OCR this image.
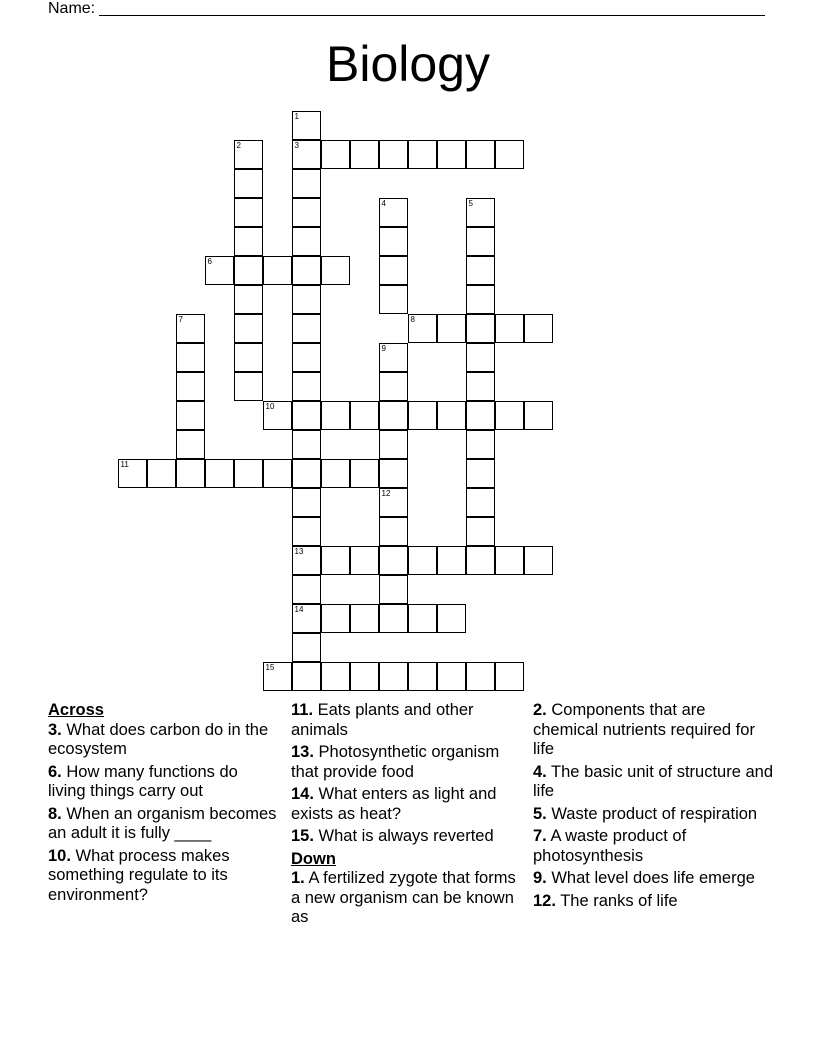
Name:
Biology
1
3
13
14
2
4	5
6
7	8
9
10
11
12
15
Across
3. What does carbon do in the ecosystem
6. How many functions do living things carry out
8. When an organism becomes an adult it is fully ____
10. What process makes something regulate to its environment?
11. Eats plants and other animals
13. Photosynthetic organism that provide food
14. What enters as light and exists as heat?
15. What is always reverted
Down
1. A fertilized zygote that forms a new organism can be known as
2. Components that are chemical nutrients required for life
4. The basic unit of structure and life
5. Waste product of respiration
7. A waste product of photosynthesis
9. What level does life emerge
12. The ranks of life
